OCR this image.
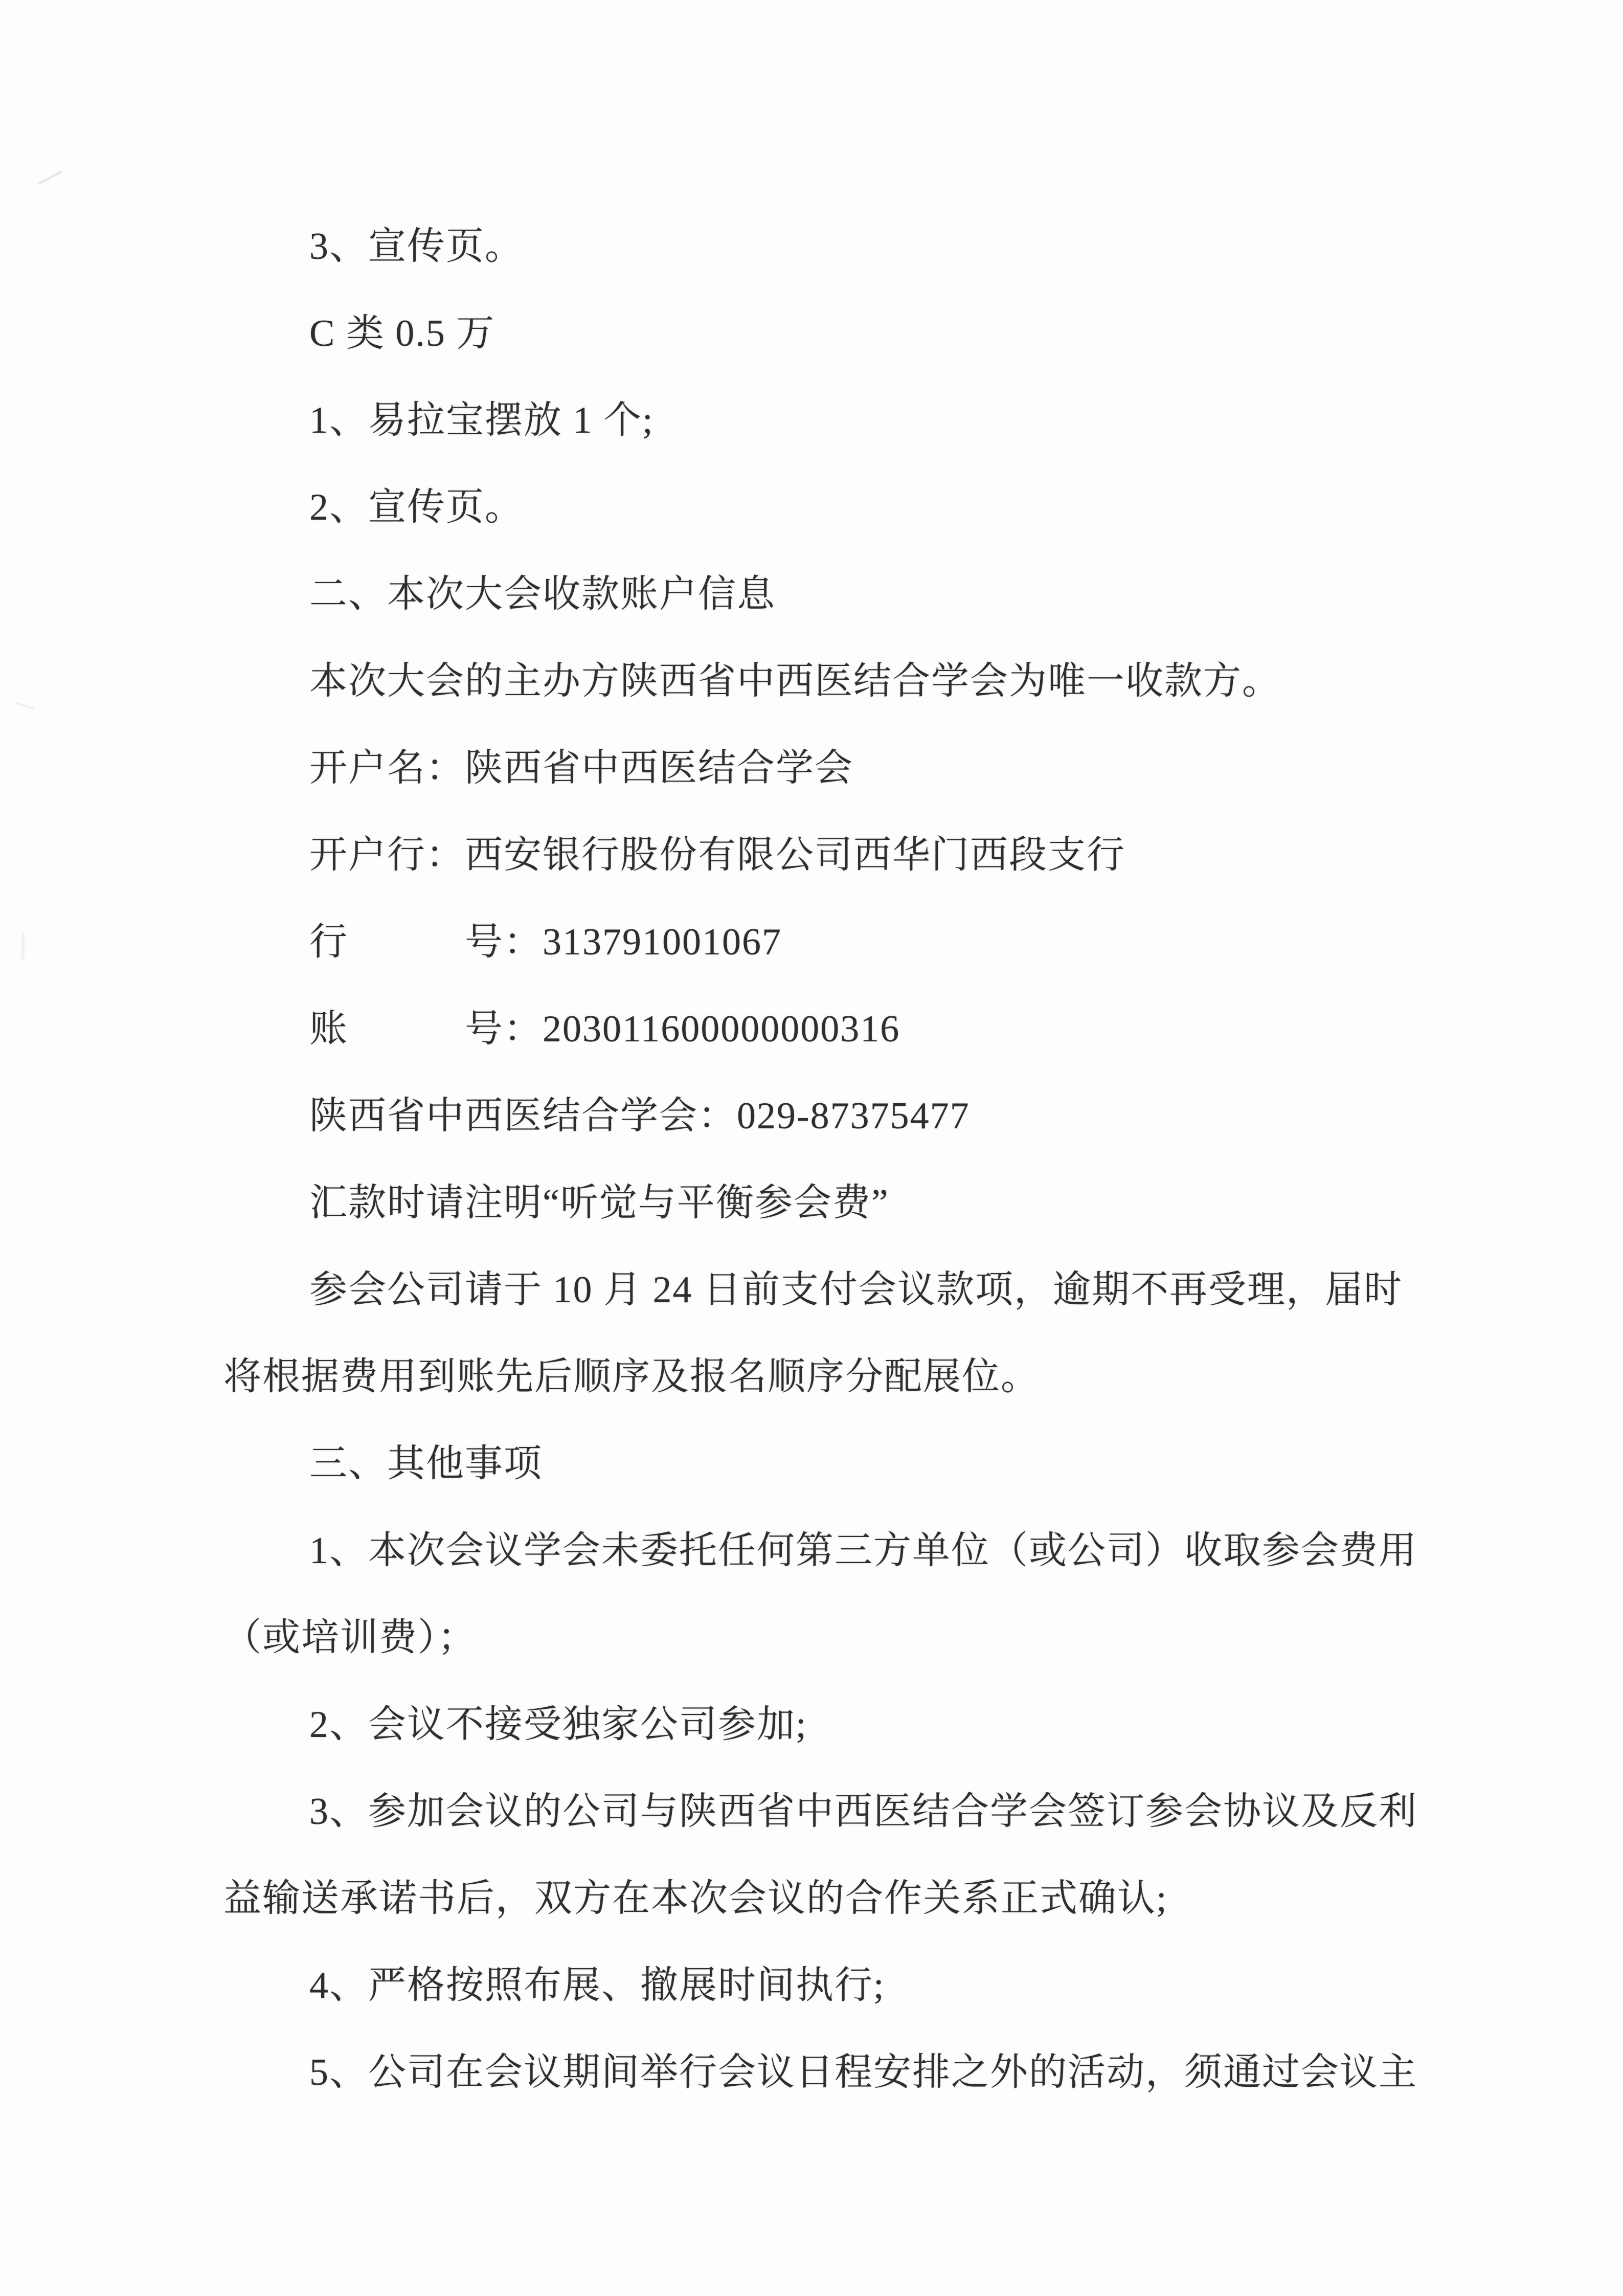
3、宣传页。
C 类 0.5 万
1、易拉宝摆放 1 个;
2、宣传页。
二、本次大会收款账户信息
本次大会的主办方陕西省中西医结合学会为唯一收款方。
开户名：陕西省中西医结合学会
开户行：西安银行股份有限公司西华门西段支行
行　　　号：313791001067
账　　　号：203011600000000316
陕西省中西医结合学会：029-87375477
汇款时请注明“听觉与平衡参会费”
参会公司请于 10 月 24 日前支付会议款项，逾期不再受理，届时
将根据费用到账先后顺序及报名顺序分配展位。
三、其他事项
1、本次会议学会未委托任何第三方单位（或公司）收取参会费用
（或培训费）；
2、会议不接受独家公司参加;
3、参加会议的公司与陕西省中西医结合学会签订参会协议及反利
益输送承诺书后，双方在本次会议的合作关系正式确认;
4、严格按照布展、撤展时间执行;
5、公司在会议期间举行会议日程安排之外的活动，须通过会议主
